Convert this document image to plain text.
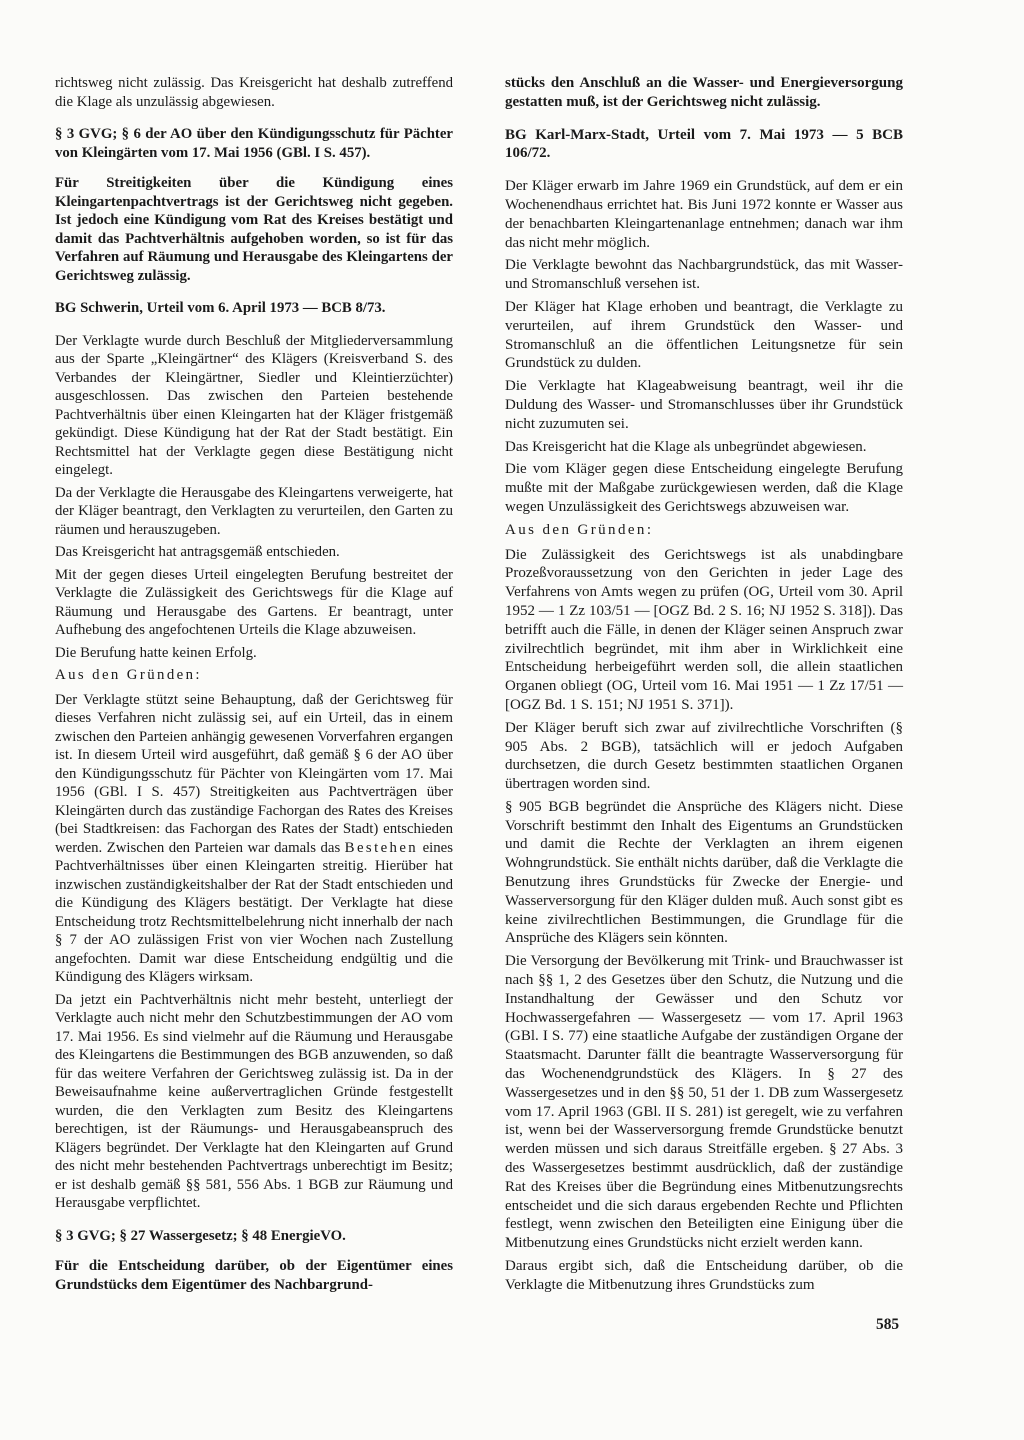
richtsweg nicht zulässig. Das Kreisgericht hat deshalb zutreffend die Klage als unzulässig abgewiesen.

§ 3 GVG; § 6 der AO über den Kündigungsschutz für Pächter von Kleingärten vom 17. Mai 1956 (GBl. I S. 457).

Für Streitigkeiten über die Kündigung eines Kleingartenpachtvertrags ist der Gerichtsweg nicht gegeben. Ist jedoch eine Kündigung vom Rat des Kreises bestätigt und damit das Pachtverhältnis aufgehoben worden, so ist für das Verfahren auf Räumung und Herausgabe des Kleingartens der Gerichtsweg zulässig.

BG Schwerin, Urteil vom 6. April 1973 — BCB 8/73.

Der Verklagte wurde durch Beschluß der Mitgliederversammlung aus der Sparte „Kleingärtner“ des Klägers (Kreisverband S. des Verbandes der Kleingärtner, Siedler und Kleintierzüchter) ausgeschlossen. Das zwischen den Parteien bestehende Pachtverhältnis über einen Kleingarten hat der Kläger fristgemäß gekündigt. Diese Kündigung hat der Rat der Stadt bestätigt. Ein Rechtsmittel hat der Verklagte gegen diese Bestätigung nicht eingelegt.

Da der Verklagte die Herausgabe des Kleingartens verweigerte, hat der Kläger beantragt, den Verklagten zu verurteilen, den Garten zu räumen und herauszugeben.

Das Kreisgericht hat antragsgemäß entschieden.

Mit der gegen dieses Urteil eingelegten Berufung bestreitet der Verklagte die Zulässigkeit des Gerichtswegs für die Klage auf Räumung und Herausgabe des Gartens. Er beantragt, unter Aufhebung des angefochtenen Urteils die Klage abzuweisen.

Die Berufung hatte keinen Erfolg.

Aus den Gründen:

Der Verklagte stützt seine Behauptung, daß der Gerichtsweg für dieses Verfahren nicht zulässig sei, auf ein Urteil, das in einem zwischen den Parteien anhängig gewesenen Vorverfahren ergangen ist. In diesem Urteil wird ausgeführt, daß gemäß § 6 der AO über den Kündigungsschutz für Pächter von Kleingärten vom 17. Mai 1956 (GBl. I S. 457) Streitigkeiten aus Pachtverträgen über Kleingärten durch das zuständige Fachorgan des Rates des Kreises (bei Stadtkreisen: das Fachorgan des Rates der Stadt) entschieden werden. Zwischen den Parteien war damals das Bestehen eines Pachtverhältnisses über einen Kleingarten streitig. Hierüber hat inzwischen zuständigkeitshalber der Rat der Stadt entschieden und die Kündigung des Klägers bestätigt. Der Verklagte hat diese Entscheidung trotz Rechtsmittelbelehrung nicht innerhalb der nach § 7 der AO zulässigen Frist von vier Wochen nach Zustellung angefochten. Damit war diese Entscheidung endgültig und die Kündigung des Klägers wirksam.

Da jetzt ein Pachtverhältnis nicht mehr besteht, unterliegt der Verklagte auch nicht mehr den Schutzbestimmungen der AO vom 17. Mai 1956. Es sind vielmehr auf die Räumung und Herausgabe des Kleingartens die Bestimmungen des BGB anzuwenden, so daß für das weitere Verfahren der Gerichtsweg zulässig ist. Da in der Beweisaufnahme keine außervertraglichen Gründe festgestellt wurden, die den Verklagten zum Besitz des Kleingartens berechtigen, ist der Räumungs- und Herausgabeanspruch des Klägers begründet. Der Verklagte hat den Kleingarten auf Grund des nicht mehr bestehenden Pachtvertrags unberechtigt im Besitz; er ist deshalb gemäß §§ 581, 556 Abs. 1 BGB zur Räumung und Herausgabe verpflichtet.

§ 3 GVG; § 27 Wassergesetz; § 48 EnergieVO.

Für die Entscheidung darüber, ob der Eigentümer eines Grundstücks dem Eigentümer des Nachbargrund-

stücks den Anschluß an die Wasser- und Energieversorgung gestatten muß, ist der Gerichtsweg nicht zulässig.

BG Karl-Marx-Stadt, Urteil vom 7. Mai 1973 — 5 BCB 106/72.

Der Kläger erwarb im Jahre 1969 ein Grundstück, auf dem er ein Wochenendhaus errichtet hat. Bis Juni 1972 konnte er Wasser aus der benachbarten Kleingartenanlage entnehmen; danach war ihm das nicht mehr möglich.

Die Verklagte bewohnt das Nachbargrundstück, das mit Wasser- und Stromanschluß versehen ist.

Der Kläger hat Klage erhoben und beantragt, die Verklagte zu verurteilen, auf ihrem Grundstück den Wasser- und Stromanschluß an die öffentlichen Leitungsnetze für sein Grundstück zu dulden.

Die Verklagte hat Klageabweisung beantragt, weil ihr die Duldung des Wasser- und Stromanschlusses über ihr Grundstück nicht zuzumuten sei.

Das Kreisgericht hat die Klage als unbegründet abgewiesen.

Die vom Kläger gegen diese Entscheidung eingelegte Berufung mußte mit der Maßgabe zurückgewiesen werden, daß die Klage wegen Unzulässigkeit des Gerichtswegs abzuweisen war.

Aus den Gründen:

Die Zulässigkeit des Gerichtswegs ist als unabdingbare Prozeßvoraussetzung von den Gerichten in jeder Lage des Verfahrens von Amts wegen zu prüfen (OG, Urteil vom 30. April 1952 — 1 Zz 103/51 — [OGZ Bd. 2 S. 16; NJ 1952 S. 318]). Das betrifft auch die Fälle, in denen der Kläger seinen Anspruch zwar zivilrechtlich begründet, mit ihm aber in Wirklichkeit eine Entscheidung herbeigeführt werden soll, die allein staatlichen Organen obliegt (OG, Urteil vom 16. Mai 1951 — 1 Zz 17/51 — [OGZ Bd. 1 S. 151; NJ 1951 S. 371]).

Der Kläger beruft sich zwar auf zivilrechtliche Vorschriften (§ 905 Abs. 2 BGB), tatsächlich will er jedoch Aufgaben durchsetzen, die durch Gesetz bestimmten staatlichen Organen übertragen worden sind.

§ 905 BGB begründet die Ansprüche des Klägers nicht. Diese Vorschrift bestimmt den Inhalt des Eigentums an Grundstücken und damit die Rechte der Verklagten an ihrem eigenen Wohngrundstück. Sie enthält nichts darüber, daß die Verklagte die Benutzung ihres Grundstücks für Zwecke der Energie- und Wasserversorgung für den Kläger dulden muß. Auch sonst gibt es keine zivilrechtlichen Bestimmungen, die Grundlage für die Ansprüche des Klägers sein könnten.

Die Versorgung der Bevölkerung mit Trink- und Brauchwasser ist nach §§ 1, 2 des Gesetzes über den Schutz, die Nutzung und die Instandhaltung der Gewässer und den Schutz vor Hochwassergefahren — Wassergesetz — vom 17. April 1963 (GBl. I S. 77) eine staatliche Aufgabe der zuständigen Organe der Staatsmacht. Darunter fällt die beantragte Wasserversorgung für das Wochenendgrundstück des Klägers. In § 27 des Wassergesetzes und in den §§ 50, 51 der 1. DB zum Wassergesetz vom 17. April 1963 (GBl. II S. 281) ist geregelt, wie zu verfahren ist, wenn bei der Wasserversorgung fremde Grundstücke benutzt werden müssen und sich daraus Streitfälle ergeben. § 27 Abs. 3 des Wassergesetzes bestimmt ausdrücklich, daß der zuständige Rat des Kreises über die Begründung eines Mitbenutzungsrechts entscheidet und die sich daraus ergebenden Rechte und Pflichten festlegt, wenn zwischen den Beteiligten eine Einigung über die Mitbenutzung eines Grundstücks nicht erzielt werden kann.

Daraus ergibt sich, daß die Entscheidung darüber, ob die Verklagte die Mitbenutzung ihres Grundstücks zum

585
